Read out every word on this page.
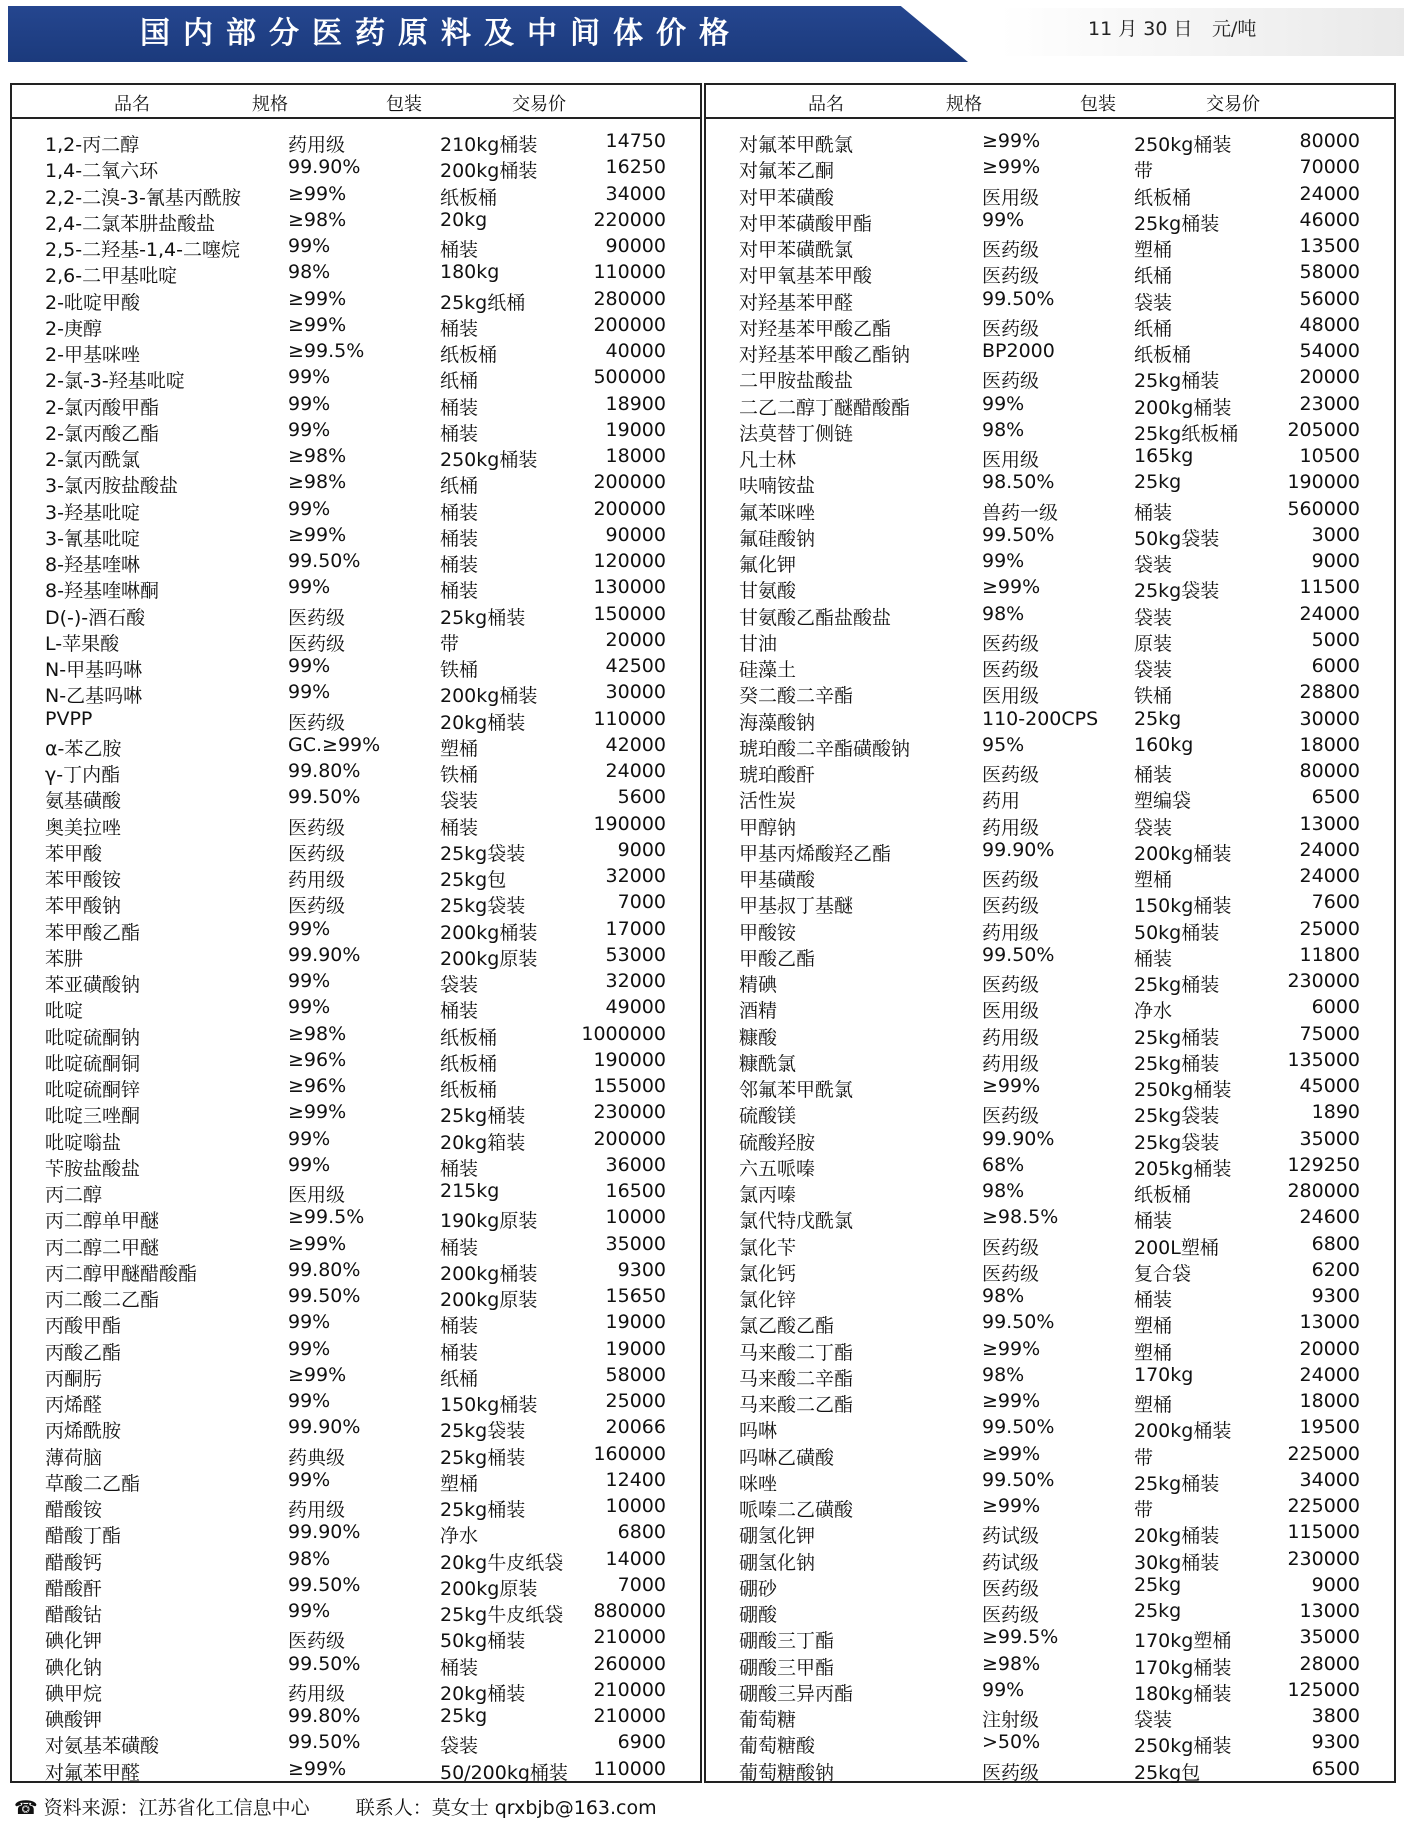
国内部分医药原料及中间体价格	11 月 30 日 元/吨
品名	规格	包装	交易价
1,2-丙二醇	药用级	210kg桶装	14750
1,4-二氧六环	99.90%	200kg桶装	16250
2,2-二溴-3-氰基丙酰胺 ≥99%	纸板桶	34000
2,4-二氯苯肼盐酸盐	≥98%	20kg	220000
2,5-二羟基-1,4-二噻烷	99%	桶装	90000
2,6-二甲基吡啶	98%	180kg	110000
2-吡啶甲酸	≥99%	25kg纸桶	280000
2-庚醇	≥99%	桶装	200000
2-甲基咪唑	≥99.5%	纸板桶	40000
2-氯-3-羟基吡啶	99%	纸桶	500000
2-氯丙酸甲酯	99%	桶装	18900
2-氯丙酸乙酯	99%	桶装	19000
2-氯丙酰氯	≥98%	250kg桶装	18000
3-氯丙胺盐酸盐	≥98%	纸桶	200000
3-羟基吡啶	99%	桶装	200000
3-氰基吡啶	≥99%	桶装	90000
8-羟基喹啉	99.50%	桶装	120000
8-羟基喹啉酮	99%	桶装	130000
D(-)-酒石酸	医药级	25kg桶装	150000
L-苹果酸	医药级	带	20000
N-甲基吗啉	99%	铁桶	42500
N-乙基吗啉	99%	200kg桶装	30000
PVPP	医药级	20kg桶装	110000
α-苯乙胺	GC.≥99%	塑桶	42000
γ-丁内酯	99.80%	铁桶	24000
氨基磺酸	99.50%	袋装	5600
奥美拉唑	医药级	桶装	190000
苯甲酸	医药级	25kg袋装	9000
苯甲酸铵	药用级	25kg包	32000
苯甲酸钠	医药级	25kg袋装	7000
苯甲酸乙酯	99%	200kg桶装	17000
苯肼	99.90%	200kg原装	53000
苯亚磺酸钠	99%	袋装	32000
吡啶	99%	桶装	49000
吡啶硫酮钠	≥98%	纸板桶	1000000
吡啶硫酮铜	≥96%	纸板桶	190000
吡啶硫酮锌	≥96%	纸板桶	155000
吡啶三唑酮	≥99%	25kg桶装	230000
吡啶嗡盐	99%	20kg箱装	200000
苄胺盐酸盐	99%	桶装	36000
丙二醇	医用级	215kg	16500
丙二醇单甲醚	≥99.5%	190kg原装	10000
丙二醇二甲醚	≥99%	桶装	35000
丙二醇甲醚醋酸酯	99.80%	200kg桶装	9300
丙二酸二乙酯	99.50%	200kg原装	15650
丙酸甲酯	99%	桶装	19000
丙酸乙酯	99%	桶装	19000
丙酮肟	≥99%	纸桶	58000
丙烯醛	99%	150kg桶装	25000
丙烯酰胺	99.90%	25kg袋装	20066
薄荷脑	药典级	25kg桶装	160000
草酸二乙酯	99%	塑桶	12400
醋酸铵	药用级	25kg桶装	10000
醋酸丁酯	99.90%	净水	6800
醋酸钙	98%	20kg牛皮纸袋 14000
醋酸酐	99.50%	200kg原装	7000
醋酸钴	99%	25kg牛皮纸袋 880000
碘化钾	医药级	50kg桶装	210000
碘化钠	99.50%	桶装	260000
碘甲烷	药用级	20kg桶装	210000
碘酸钾	99.80%	25kg	210000
对氨基苯磺酸	99.50%	袋装	6900
对氟苯甲醛	≥99%	50/200kg桶装 110000
品名	规格	包装	交易价
对氟苯甲酰氯	≥99%	250kg桶装	80000
对氟苯乙酮	≥99%	带	70000
对甲苯磺酸	医用级	纸板桶	24000
对甲苯磺酸甲酯	99%	25kg桶装	46000
对甲苯磺酰氯	医药级	塑桶	13500
对甲氧基苯甲酸	医药级	纸桶	58000
对羟基苯甲醛	99.50%	袋装	56000
对羟基苯甲酸乙酯	医药级	纸桶	48000
对羟基苯甲酸乙酯钠	BP2000	纸板桶	54000
二甲胺盐酸盐	医药级	25kg桶装	20000
二乙二醇丁醚醋酸酯	99%	200kg桶装	23000
法莫替丁侧链	98%	25kg纸板桶	205000
凡士林	医用级	165kg	10500
呋喃铵盐	98.50%	25kg	190000
氟苯咪唑	兽药一级	桶装	560000
氟硅酸钠	99.50%	50kg袋装	3000
氟化钾	99%	袋装	9000
甘氨酸	≥99%	25kg袋装	11500
甘氨酸乙酯盐酸盐	98%	袋装	24000
甘油	医药级	原装	5000
硅藻土	医药级	袋装	6000
癸二酸二辛酯	医用级	铁桶	28800
海藻酸钠	110-200CPS 25kg	30000
琥珀酸二辛酯磺酸钠	95%	160kg	18000
琥珀酸酐	医药级	桶装	80000
活性炭	药用	塑编袋	6500
甲醇钠	药用级	袋装	13000
甲基丙烯酸羟乙酯	99.90%	200kg桶装	24000
甲基磺酸	医药级	塑桶	24000
甲基叔丁基醚	医药级	150kg桶装	7600
甲酸铵	药用级	50kg桶装	25000
甲酸乙酯	99.50%	桶装	11800
精碘	医药级	25kg桶装	230000
酒精	医用级	净水	6000
糠酸	药用级	25kg桶装	75000
糠酰氯	药用级	25kg桶装	135000
邻氟苯甲酰氯	≥99%	250kg桶装	45000
硫酸镁	医药级	25kg袋装	1890
硫酸羟胺	99.90%	25kg袋装	35000
六五哌嗪	68%	205kg桶装	129250
氯丙嗪	98%	纸板桶	280000
氯代特戊酰氯	≥98.5%	桶装	24600
氯化苄	医药级	200L塑桶	6800
氯化钙	医药级	复合袋	6200
氯化锌	98%	桶装	9300
氯乙酸乙酯	99.50%	塑桶	13000
马来酸二丁酯	≥99%	塑桶	20000
马来酸二辛酯	98%	170kg	24000
马来酸二乙酯	≥99%	塑桶	18000
吗啉	99.50%	200kg桶装	19500
吗啉乙磺酸	≥99%	带	225000
咪唑	99.50%	25kg桶装	34000
哌嗪二乙磺酸	≥99%	带	225000
硼氢化钾	药试级	20kg桶装	115000
硼氢化钠	药试级	30kg桶装	230000
硼砂	医药级	25kg	9000
硼酸	医药级	25kg	13000
硼酸三丁酯	≥99.5%	170kg塑桶	35000
硼酸三甲酯	≥98%	170kg桶装	28000
硼酸三异丙酯	99%	180kg桶装	125000
葡萄糖	注射级	袋装	3800
葡萄糖酸	>50%	250kg桶装	9300
葡萄糖酸钠	医药级	25kg包	6500
☎ 资料来源：江苏省化工信息中心 联系人：莫女士 qrxbjb@163.com
